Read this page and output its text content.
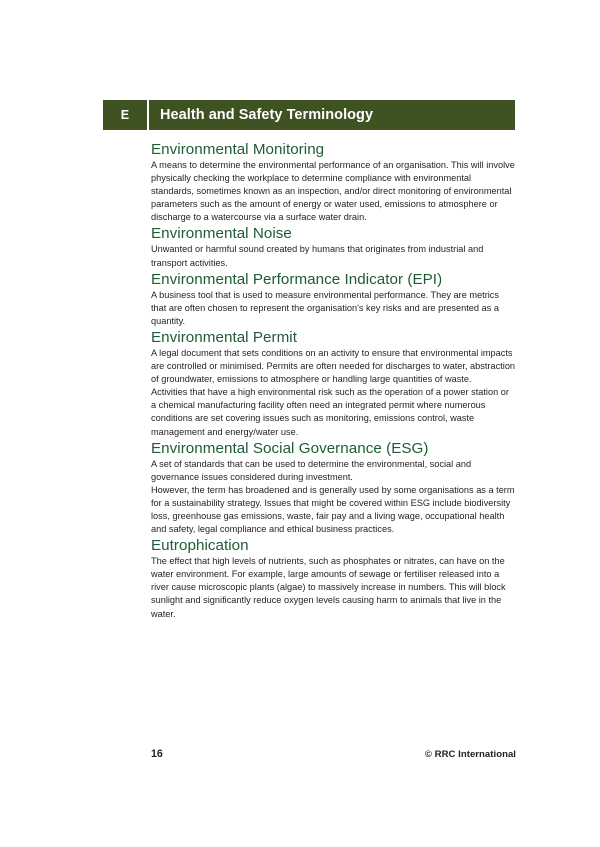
E	Health and Safety Terminology
Environmental Monitoring

A means to determine the environmental performance of an organisation. This will involve physically checking the workplace to determine compliance with environmental standards, sometimes known as an inspection, and/or direct monitoring of environmental parameters such as the amount of energy or water used, emissions to atmosphere or discharge to a watercourse via a surface water drain.

Environmental Noise

Unwanted or harmful sound created by humans that originates from industrial and transport activities.

Environmental Performance Indicator (EPI)

A business tool that is used to measure environmental performance. They are metrics that are often chosen to represent the organisation's key risks and are presented as a quantity.

Environmental Permit

A legal document that sets conditions on an activity to ensure that environmental impacts are controlled or minimised. Permits are often needed for discharges to water, abstraction of groundwater, emissions to atmosphere or handling large quantities of waste.

Activities that have a high environmental risk such as the operation of a power station or a chemical manufacturing facility often need an integrated permit where numerous conditions are set covering issues such as monitoring, emissions control, waste management and energy/water use.

Environmental Social Governance (ESG)

A set of standards that can be used to determine the environmental, social and governance issues considered during investment.

However, the term has broadened and is generally used by some organisations as a term for a sustainability strategy. Issues that might be covered within ESG include biodiversity loss, greenhouse gas emissions, waste, fair pay and a living wage, occupational health and safety, legal compliance and ethical business practices.

Eutrophication

The effect that high levels of nutrients, such as phosphates or nitrates, can have on the water environment. For example, large amounts of sewage or fertiliser released into a river cause microscopic plants (algae) to massively increase in numbers. This will block sunlight and significantly reduce oxygen levels causing harm to animals that live in the water.

16	© RRC International
